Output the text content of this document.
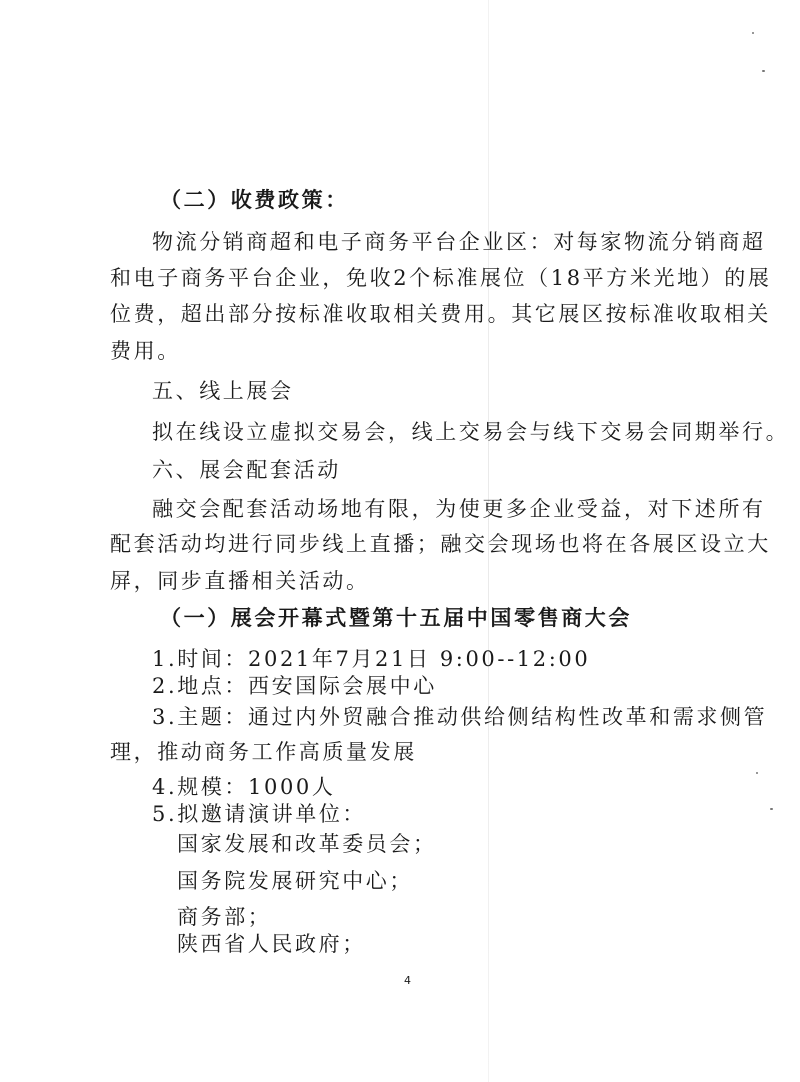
（二）收费政策：
物流分销商超和电子商务平台企业区：对每家物流分销商超
和电子商务平台企业，免收2个标准展位（18平方米光地）的展
位费，超出部分按标准收取相关费用。其它展区按标准收取相关
费用。
五、线上展会
拟在线设立虚拟交易会，线上交易会与线下交易会同期举行。
六、展会配套活动
融交会配套活动场地有限，为使更多企业受益，对下述所有
配套活动均进行同步线上直播；融交会现场也将在各展区设立大
屏，同步直播相关活动。
（一）展会开幕式暨第十五届中国零售商大会
1.时间：2021年7月21日 9:00--12:00
2.地点：西安国际会展中心
3.主题：通过内外贸融合推动供给侧结构性改革和需求侧管
理，推动商务工作高质量发展
4.规模：1000人
5.拟邀请演讲单位：
国家发展和改革委员会；
国务院发展研究中心；
商务部；
陕西省人民政府；
4
